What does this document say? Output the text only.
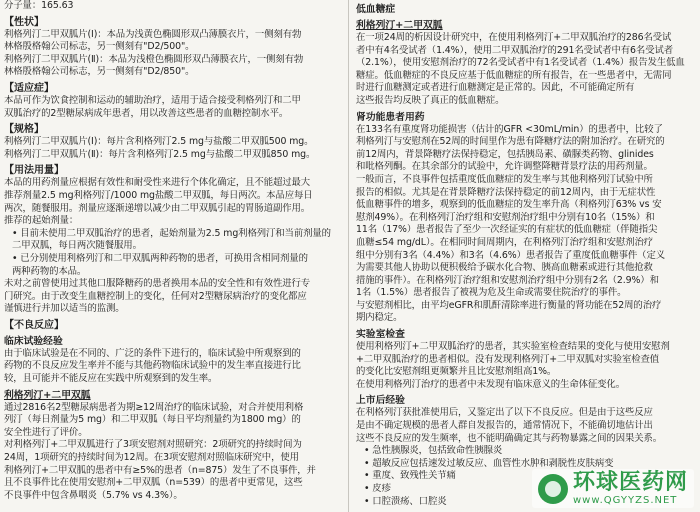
分子量：165.63
【性状】
利格列汀二甲双胍片(Ⅰ)：本品为浅黄色椭圆形双凸薄膜衣片，一侧刻有勃
林格殷格翰公司标志，另一侧刻有"D2/500"。
利格列汀二甲双胍片(Ⅱ)：本品为浅橙色椭圆形双凸薄膜衣片，一侧刻有勃
林格殷格翰公司标志，另一侧刻有"D2/850"。
【适应症】
本品可作为饮食控制和运动的辅助治疗，适用于适合接受利格列汀和二甲
双胍治疗的2型糖尿病成年患者，用以改善这些患者的血糖控制水平。
【规格】
利格列汀二甲双胍片(Ⅰ)：每片含利格列汀2.5 mg与盐酸二甲双胍500 mg。
利格列汀二甲双胍片(Ⅱ)：每片含利格列汀2.5 mg与盐酸二甲双胍850 mg。
【用法用量】
本品的用药剂量应根据有效性和耐受性来进行个体化确定，且不能超过最大
推荐剂量2.5 mg利格列汀/1000 mg盐酸二甲双胍，每日两次。本品应每日
两次，随餐服用。剂量应逐渐递增以减少由二甲双胍引起的胃肠道副作用。
推荐的起始剂量：
• 目前未使用二甲双胍治疗的患者，起始剂量为2.5 mg利格列汀和当前剂量的
二甲双胍，每日两次随餐服用。
• 已分别使用利格列汀和二甲双胍两种药物的患者，可换用含相同剂量的
两种药物的本品。
未对之前曾使用过其他口服降糖药的患者换用本品的安全性和有效性进行专
门研究。由于改变生血糖控制上的变化，任何对2型糖尿病治疗的变化都应
谨慎进行并加以适当的监测。
【不良反应】
临床试验经验
由于临床试验是在不同的、广泛的条件下进行的，临床试验中所观察到的
药物的不良反应发生率并不能与其他药物临床试验中的发生率直接进行比
较，且可能并不能反应在实践中所观察到的发生率。
利格列汀+二甲双胍
通过2816名2型糖尿病患者为期≥12周治疗的临床试验，对合并使用利格
列汀（每日剂量为5 mg）和二甲双胍（每日平均剂量约为1800 mg）的
安全性进行了评价。
对利格列汀+二甲双胍进行了3项安慰剂对照研究：2项研究的持续时间为
24周，1项研究的持续时间为12周。在3项安慰剂对照临床研究中，使用
利格列汀+二甲双胍的患者中有≥5%的患者（n=875）发生了不良事件，并
且不良事件比在使用安慰剂+二甲双胍（n=539）的患者中更常见，这些
不良事件中包含鼻咽炎（5.7% vs 4.3%）。
低血糖症
利格列汀+二甲双胍
在一项24周的析因设计研究中，在使用利格列汀+二甲双胍治疗的286名受试
者中有4名受试者（1.4%），使用二甲双胍治疗的291名受试者中有6名受试者
（2.1%），使用安慰剂治疗的72名受试者中有1名受试者（1.4%）报告发生低血
糖症。低血糖症的不良反应基于低血糖症的所有报告，在一些患者中，无需同
时进行血糖测定或者进行血糖测定是正常的。因此，不可能确定所有
这些报告均反映了真正的低血糖症。
肾功能患者用药
在133名有重度肾功能损害（估计的GFR <30mL/min）的患者中，比较了
利格列汀与安慰剂在52周的时间里作为患有降糖疗法的附加治疗。在研究的
前12周内，背景降糖疗法保持稳定，包括胰岛素、磺脲类药物、glinides
和吡格列酮。在其余部分的试验中，允许调整降糖背景疗法的用药剂量。
一般而言，不良事件包括重度低血糖症的发生率与其他利格列汀试验中所
报告的相似。尤其是在背景降糖疗法保持稳定的前12周内，由于无症状性
低血糖事件的增多，观察到的低血糖症的发生率升高（利格列汀63% vs 安
慰剂49%）。在利格列汀治疗组和安慰剂治疗组中分别有10名（15%）和
11名（17%）患者报告了至少一次经证实的有症状的低血糖症（伴随指尖
血糖≤54 mg/dL）。在相同时间周期内，在利格列汀治疗组和安慰剂治疗
组中分别有3名（4.4%）和3名（4.6%）患者报告了重度低血糖事件（定义
为需要其他人协助以便积极给予碳水化合物、胰高血糖素或进行其他抢救
措施的事件）。在利格列汀治疗组和安慰剂治疗组中分别有2名（2.9%）和
1名（1.5%）患者报告了被视为危及生命或需要住院治疗的事件。
与安慰剂相比，由平均eGFR和肌酐清除率进行衡量的肾功能在52周的治疗
期内稳定。
实验室检查
使用利格列汀+二甲双胍治疗的患者，其实验室检查结果的变化与使用安慰剂
+二甲双胍治疗的患者相似。没有发现利格列汀+二甲双胍对实验室检查值
的变化比安慰剂组更频繁并且比安慰剂组高1%。
在使用利格列汀治疗的患者中未发现有临床意义的生命体征变化。
上市后经验
在利格列汀获批准使用后，又鉴定出了以下不良反应。但是由于这些反应
是由不确定规模的患者人群自发报告的，通常情况下，不能确切地估计出
这些不良反应的发生频率，也不能明确确定其与药物暴露之间的因果关系。
• 急性胰腺炎，包括致命性胰腺炎
• 超敏反应包括速发过敏反应、血管性水肿和剥脱性皮肤病变
• 重度、致残性关节痛
• 皮疹
• 口腔溃疡、口腔炎
环球医药网
www.QGYYZS.NET
